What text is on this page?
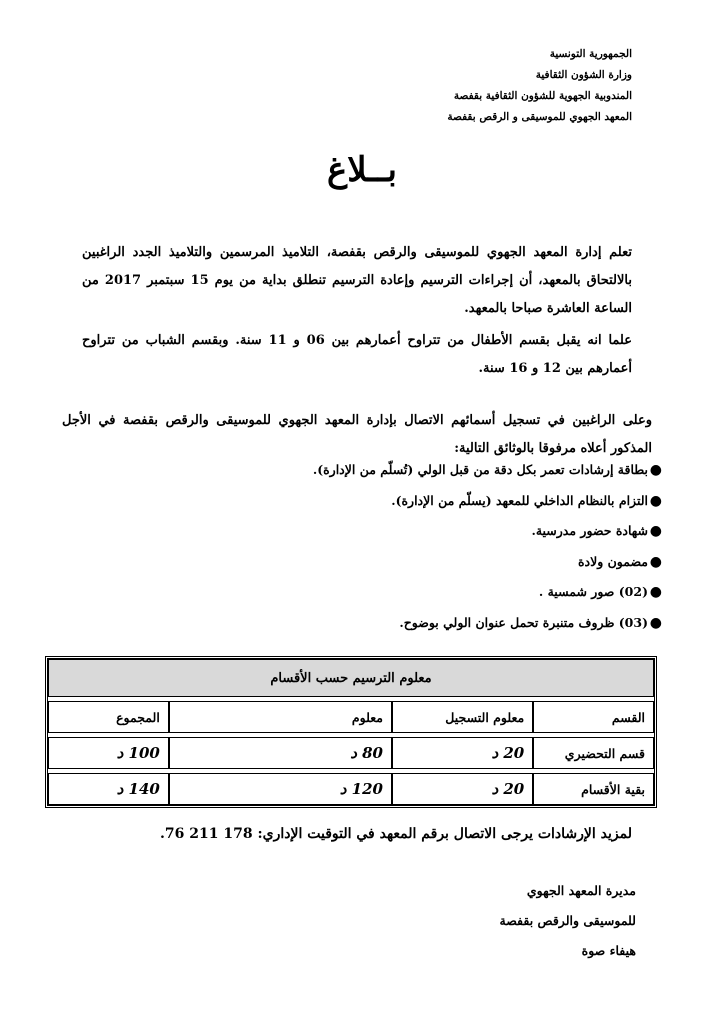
الجمهورية التونسية
وزارة الشؤون الثقافية
المندوبية الجهوية للشؤون الثقافية بقفصة
المعهد الجهوي للموسيقى و الرقص بقفصة
بــلاغ

تعلم إدارة المعهد الجهوي للموسيقى والرقص بقفصة، التلاميذ المرسمين والتلاميذ الجدد الراغبين بالالتحاق بالمعهد، أن إجراءات الترسيم وإعادة الترسيم تنطلق بداية من يوم 15 سبتمبر 2017 من الساعة العاشرة صباحا بالمعهد.

علما انه يقبل بقسم الأطفال من تتراوح أعمارهم بين 06 و 11 سنة. وبقسم الشباب من تتراوح أعمارهم بين 12 و 16 سنة.

وعلى الراغبين في تسجيل أسمائهم الاتصال بإدارة المعهد الجهوي للموسيقى والرقص بقفصة في الأجل المذكور أعلاه مرفوقا بالوثائق التالية:

●
بطاقة إرشادات تعمر بكل دقة من قبل الولي (تُسلّم من الإدارة).
●
التزام بالنظام الداخلي للمعهد (يسلّم من الإدارة).
●
شهادة حضور مدرسية.
●
مضمون ولادة
●
(02) صور شمسية .
●
(03) ظروف متنبرة تحمل عنوان الولي بوضوح.
معلوم الترسيم حسب الأقسام			

القسم	معلوم التسجيل	معلوم	المجموع

قسم التحضيري	20 د	80 د	100 د

بقية الأقسام	20 د	120 د	140 د
لمزيد الإرشادات يرجى الاتصال برقم المعهد في التوقيت الإداري: 178 211 76.
مديرة المعهد الجهوي
للموسيقى والرقص بقفصة
هيفاء صوة
